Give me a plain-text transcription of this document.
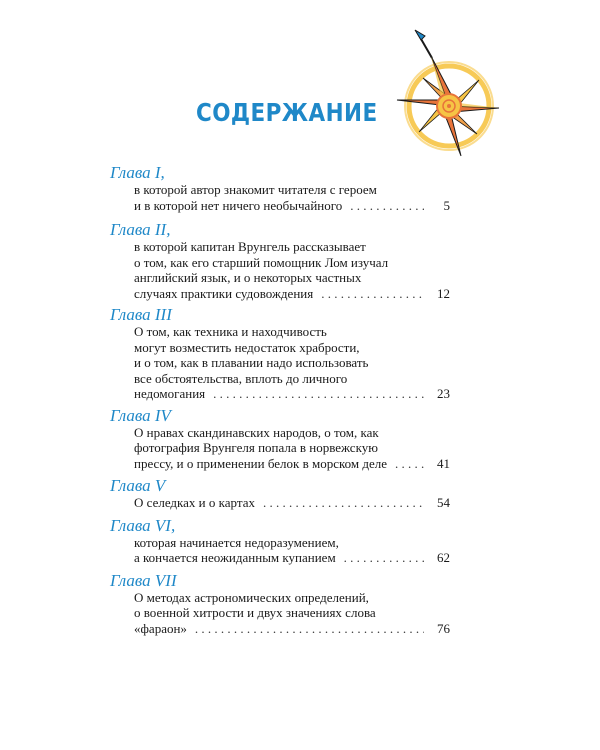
СОДЕРЖАНИЕ
Глава I,
в которой автор знакомит читателя с героем
и в которой нет ничего необычайного . . .	5
Глава II,
в которой капитан Врунгель рассказывает
о том, как его старший помощник Лом изучал
английский язык, и о некоторых частных
случаях практики судовождения . . .	12
Глава III
О том, как техника и находчивость
могут возместить недостаток храбрости,
и о том, как в плавании надо использовать
все обстоятельства, вплоть до личного
недомогания . . .	23
Глава IV
О нравах скандинавских народов, о том, как
фотография Врунгеля попала в норвежскую
прессу, и о применении белок в морском деле . . .	41
Глава V
О селедках и о картах . . .	54
Глава VI,
которая начинается недоразумением,
а кончается неожиданным купанием . . .	62
Глава VII
О методах астрономических определений,
о военной хитрости и двух значениях слова
«фараон» . . .	76
